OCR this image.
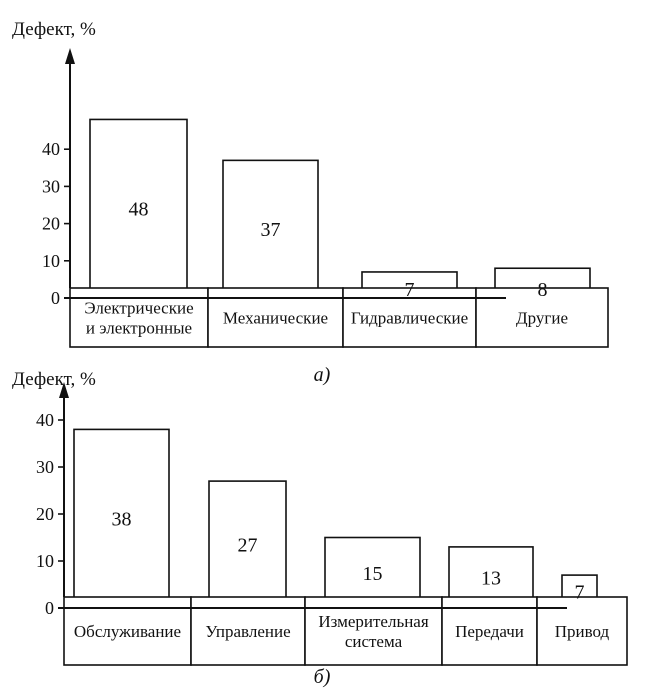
Электрические и электронные
Механические Гидравлические	Другие
48
37
7	8
0
10
20
30
40
Дефект, %
а)
Обслуживание Управление
Измерительная система
Передачи Привод
38
27
15	13
7
0
10
20
30
40
Дефект, %
б)
